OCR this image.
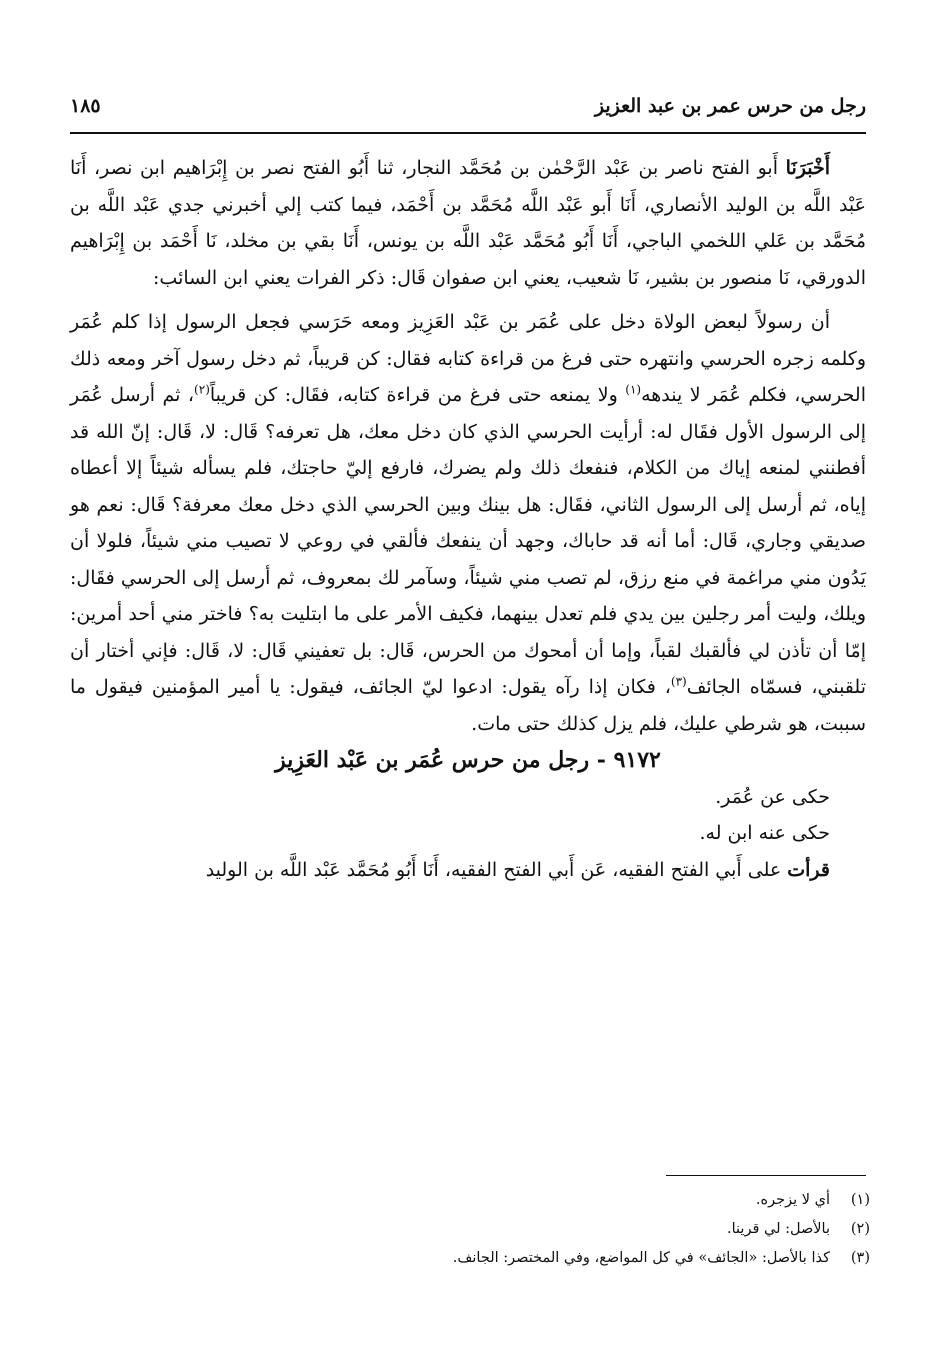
١٨٥	رجل من حرس عمر بن عبد العزيز

أَخْبَرَنَا أَبو الفتح ناصر بن عَبْد الرَّحْمٰن بن مُحَمَّد النجار، ثنا أَبُو الفتح نصر بن إِبْرَاهيم ابن نصر، أَنَا عَبْد اللَّه بن الوليد الأنصاري، أَنَا أَبو عَبْد اللَّه مُحَمَّد بن أَحْمَد، فيما كتب إلي أخبرني جدي عَبْد اللَّه بن مُحَمَّد بن عَلي اللخمي الباجي، أَنَا أَبُو مُحَمَّد عَبْد اللَّه بن يونس، أَنَا بقي بن مخلد، نَا أَحْمَد بن إِبْرَاهيم الدورقي، نَا منصور بن بشير، نَا شعيب، يعني ابن صفوان قَال: ذكر الفرات يعني ابن السائب:

أن رسولاً لبعض الولاة دخل على عُمَر بن عَبْد العَزِيز ومعه حَرَسي فجعل الرسول إذا كلم عُمَر وكلمه زجره الحرسي وانتهره حتى فرغ من قراءة كتابه فقال: كن قريباً، ثم دخل رسول آخر ومعه ذلك الحرسي، فكلم عُمَر لا يندهه$^{(١)}$ ولا يمنعه حتى فرغ من قراءة كتابه، فقَال: كن قريباً$^{(٢)}$، ثم أرسل عُمَر إلى الرسول الأول فقَال له: أرأيت الحرسي الذي كان دخل معك، هل تعرفه؟ قَال: لا، قَال: إنّ الله قد أفطنني لمنعه إياك من الكلام، فنفعك ذلك ولم يضرك، فارفع إليّ حاجتك، فلم يسأله شيئاً إلا أعطاه إياه، ثم أرسل إلى الرسول الثاني، فقَال: هل بينك وبين الحرسي الذي دخل معك معرفة؟ قَال: نعم هو صديقي وجاري، قَال: أما أنه قد حاباك، وجهد أن ينفعك فألقي في روعي لا تصيب مني شيئاً، فلولا أن يَدُون مني مراغمة في منع رزق، لم تصب مني شيئاً، وسآمر لك بمعروف، ثم أرسل إلى الحرسي فقَال: ويلك، وليت أمر رجلين بين يدي فلم تعدل بينهما، فكيف الأمر على ما ابتليت به؟ فاختر مني أحد أمرين: إمّا أن تأذن لي فألقبك لقباً، وإما أن أمحوك من الحرس، قَال: بل تعفيني قَال: لا، قَال: فإني أختار أن تلقبني، فسمّاه الجائف$^{(٣)}$، فكان إذا رآه يقول: ادعوا ليّ الجائف، فيقول: يا أمير المؤمنين فيقول ما سببت، هو شرطي عليك، فلم يزل كذلك حتى مات.

٩١٧٢ - رجل من حرس عُمَر بن عَبْد العَزِيز

حكى عن عُمَر.

حكى عنه ابن له.

قرأت على أَبي الفتح الفقيه، عَن أَبي الفتح الفقيه، أَنَا أَبُو مُحَمَّد عَبْد اللَّه بن الوليد

(١)
أي لا يزجره.
(٢)
بالأصل: لي قرينا.
(٣)
كذا بالأصل: «الجائف» في كل المواضع، وفي المختصر: الجانف.
